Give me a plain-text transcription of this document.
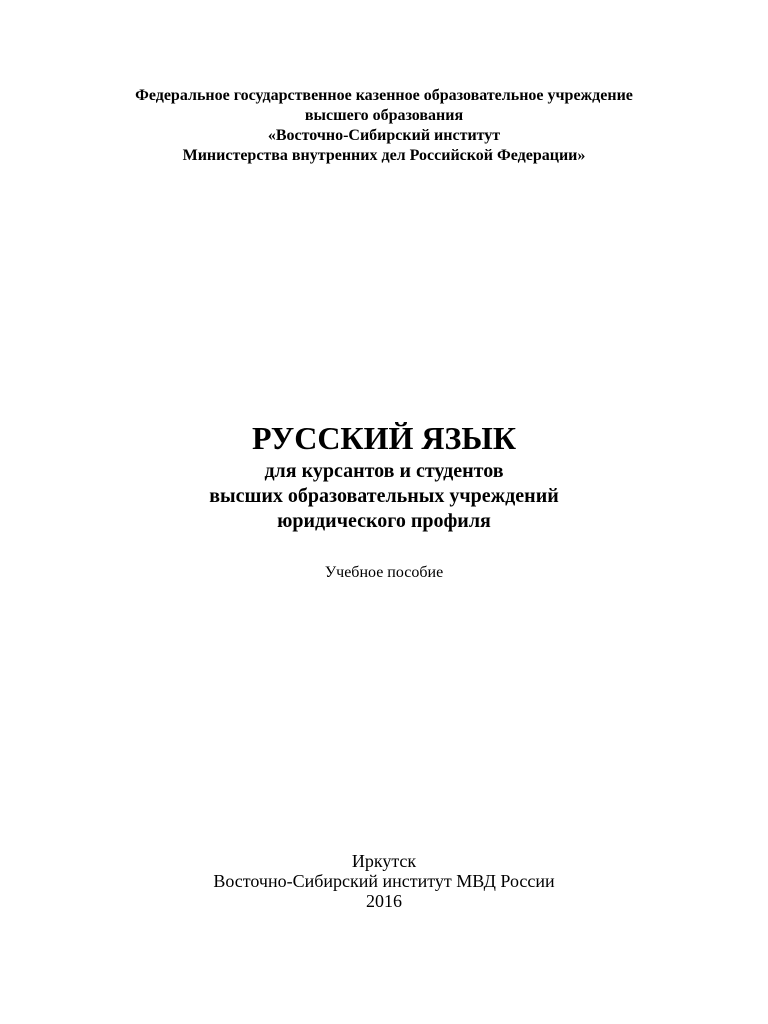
Федеральное государственное казенное образовательное учреждение
высшего образования
«Восточно-Сибирский институт
Министерства внутренних дел Российской Федерации»
РУССКИЙ ЯЗЫК
для курсантов и студентов
высших образовательных учреждений
юридического профиля
Учебное пособие
Иркутск
Восточно-Сибирский институт МВД России
2016
